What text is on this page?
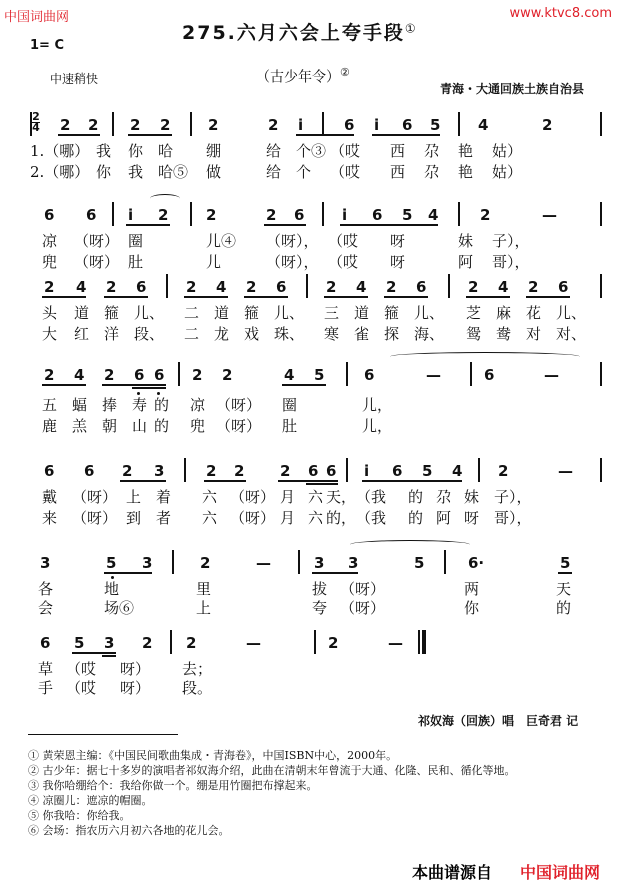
中国词曲网	www.ktvc8.com
275.六月六会上夸手段①
1= C
中速稍快	（古少年令）②
青海・大通回族土族自治县
2
4 2 2 2 2	2	2 i	6 i 6 5	4	2
1.（哪） 我 你 哈 绷	给 个③ （哎 西 尕 艳 姑）
2.（哪） 你 我 哈⑤ 做	给 个 （哎 西 尕 艳 姑）
6 6 i 2	2	2 6	i 6 5 4	2	—
凉 （呀） 圈	儿④ （呀）， （哎 呀	妹 子），
兜 （呀） 肚	儿	（呀）， （哎 呀	阿 哥），
2 4 2 6	2 4 2 6	2 4 2 6	2 4 2 6
头 道 箍 儿、 二 道 箍 儿、 三 道 箍 儿、 芝 麻 花 儿、
大 红 洋 段、 二 龙 戏 珠、 寒 雀 探 海、 鸳 鸯 对 对、
2 4 2 6 6 2 2	4 5	6	—	6	—
五 蝠 捧 寿 的 凉 （呀） 圈	儿，
鹿 羔 朝 山 的 兜 （呀） 肚	儿，
6 6 2 3	2 2 2 6 6 i 6 5 4 2	—
戴 （呀） 上 着 六 （呀） 月 六 天， （我 的 尕 妹 子），
来 （呀） 到 者 六 （呀） 月 六 的， （我 的 阿 呀 哥），
3	5 3	2	—	3 3	5	6·	5
各	地	里	拔 （呀）	两	天
会	场⑥	上	夸 （呀）	你	的
6 5 3 2 2	—	2	—
草 （哎 呀） 去；
手 （哎 呀） 段。
祁奴海（回族）唱　巨奇君 记
① 黄荣恩主编：《中国民间歌曲集成・青海卷》，中国ISBN中心，2000年。
② 古少年：据七十多岁的演唱者祁奴海介绍，此曲在清朝末年曾流于大通、化隆、民和、循化等地。
③ 我你哈绷给个：我给你做一个。绷是用竹圈把布撑起来。
④ 凉圈儿：遮凉的帽圈。
⑤ 你我哈：你给我。
⑥ 会场：指农历六月初六各地的花儿会。
本曲谱源自 中国词曲网
